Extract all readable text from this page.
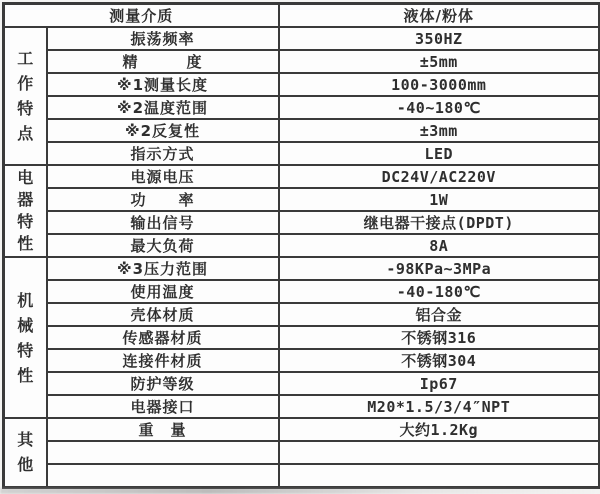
测量介质		液体/粉体

工作特点	振荡频率	350HZ
	精　　　度	±5mm
	※1测量长度	100-3000mm
	※2温度范围	-40~180℃
	※2反复性	±3mm
	指示方式	LED

电器特性	电源电压	DC24V/AC220V
	功　　率	1W
	输出信号	继电器干接点(DPDT)
	最大负荷	8A

机械特性	※3压力范围	-98KPa~3MPa
	使用温度	-40-180℃
	壳体材质	铝合金
	传感器材质	不锈钢316
	连接件材质	不锈钢304
	防护等级	Ip67
	电器接口	M20*1.5/3/4″NPT

其他	重　量	大约1.2Kg
